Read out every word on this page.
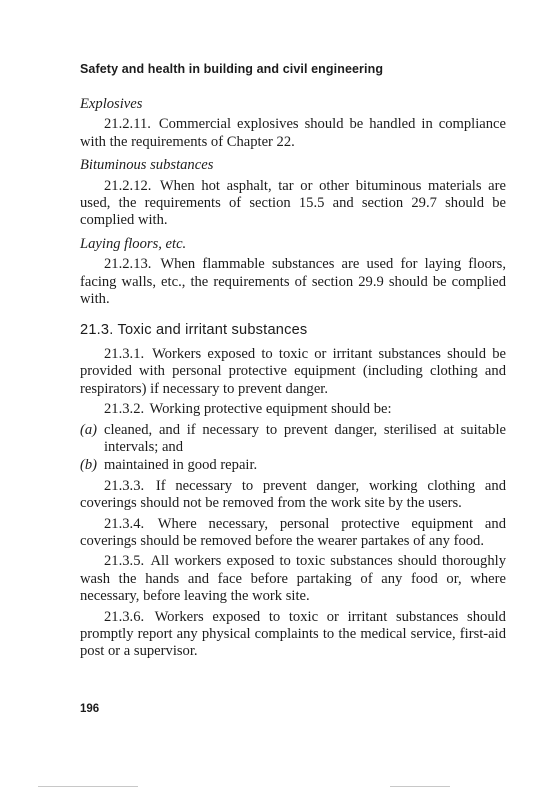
Safety and health in building and civil engineering
Explosives

21.2.11. Commercial explosives should be handled in compliance with the requirements of Chapter 22.

Bituminous substances

21.2.12. When hot asphalt, tar or other bituminous materials are used, the requirements of section 15.5 and section 29.7 should be complied with.

Laying floors, etc.

21.2.13. When flammable substances are used for laying floors, facing walls, etc., the requirements of section 29.9 should be complied with.

21.3. Toxic and irritant substances

21.3.1. Workers exposed to toxic or irritant substances should be provided with personal protective equipment (including clothing and respirators) if necessary to prevent danger.

21.3.2. Working protective equipment should be:

(a) cleaned, and if necessary to prevent danger, sterilised at suitable intervals; and
(b) maintained in good repair.

21.3.3. If necessary to prevent danger, working clothing and coverings should not be removed from the work site by the users.

21.3.4. Where necessary, personal protective equipment and coverings should be removed before the wearer partakes of any food.

21.3.5. All workers exposed to toxic substances should thoroughly wash the hands and face before partaking of any food or, where necessary, before leaving the work site.

21.3.6. Workers exposed to toxic or irritant substances should promptly report any physical complaints to the medical service, first-aid post or a supervisor.

196
